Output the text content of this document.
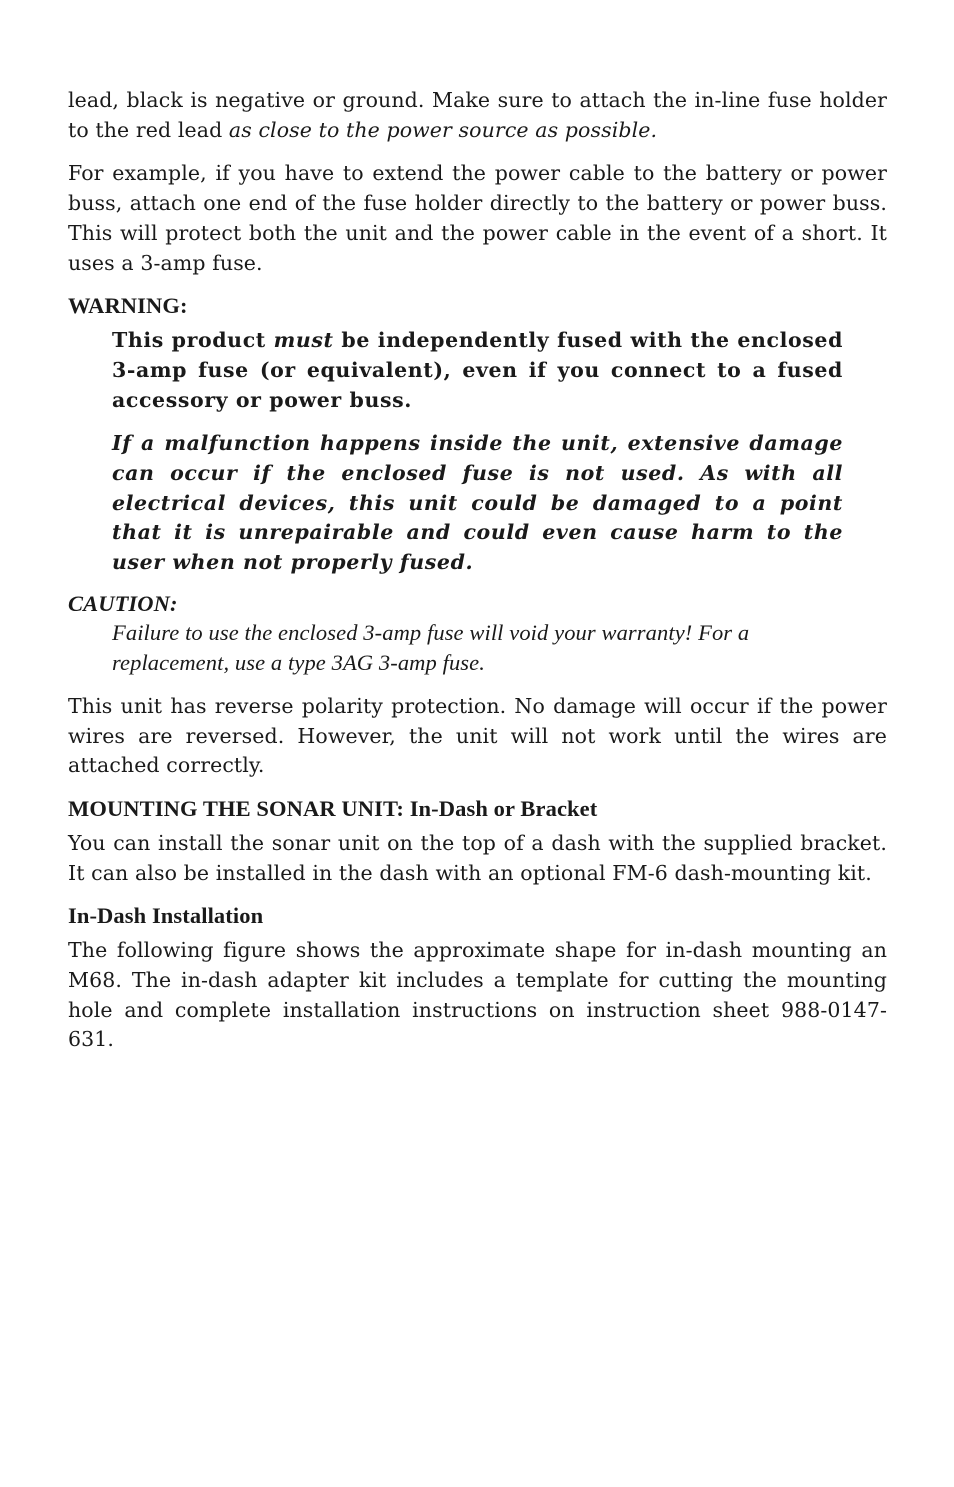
lead, black is negative or ground. Make sure to attach the in-line fuse holder to the red lead as close to the power source as possible.

For example, if you have to extend the power cable to the battery or power buss, attach one end of the fuse holder directly to the battery or power buss. This will protect both the unit and the power cable in the event of a short. It uses a 3-amp fuse.

WARNING:

This product must be independently fused with the enclosed 3-amp fuse (or equivalent), even if you connect to a fused accessory or power buss.

If a malfunction happens inside the unit, extensive damage can occur if the enclosed fuse is not used. As with all electrical devices, this unit could be damaged to a point that it is unrepairable and could even cause harm to the user when not properly fused.

CAUTION:
Failure to use the enclosed 3-amp fuse will void your warranty! For a replacement, use a type 3AG 3-amp fuse.

This unit has reverse polarity protection. No damage will occur if the power wires are reversed. However, the unit will not work until the wires are attached correctly.

MOUNTING THE SONAR UNIT: In-Dash or Bracket

You can install the sonar unit on the top of a dash with the supplied bracket. It can also be installed in the dash with an optional FM-6 dash-mounting kit.

In-Dash Installation

The following figure shows the approximate shape for in-dash mounting an M68. The in-dash adapter kit includes a template for cutting the mounting hole and complete installation instructions on instruction sheet 988-0147-631.
